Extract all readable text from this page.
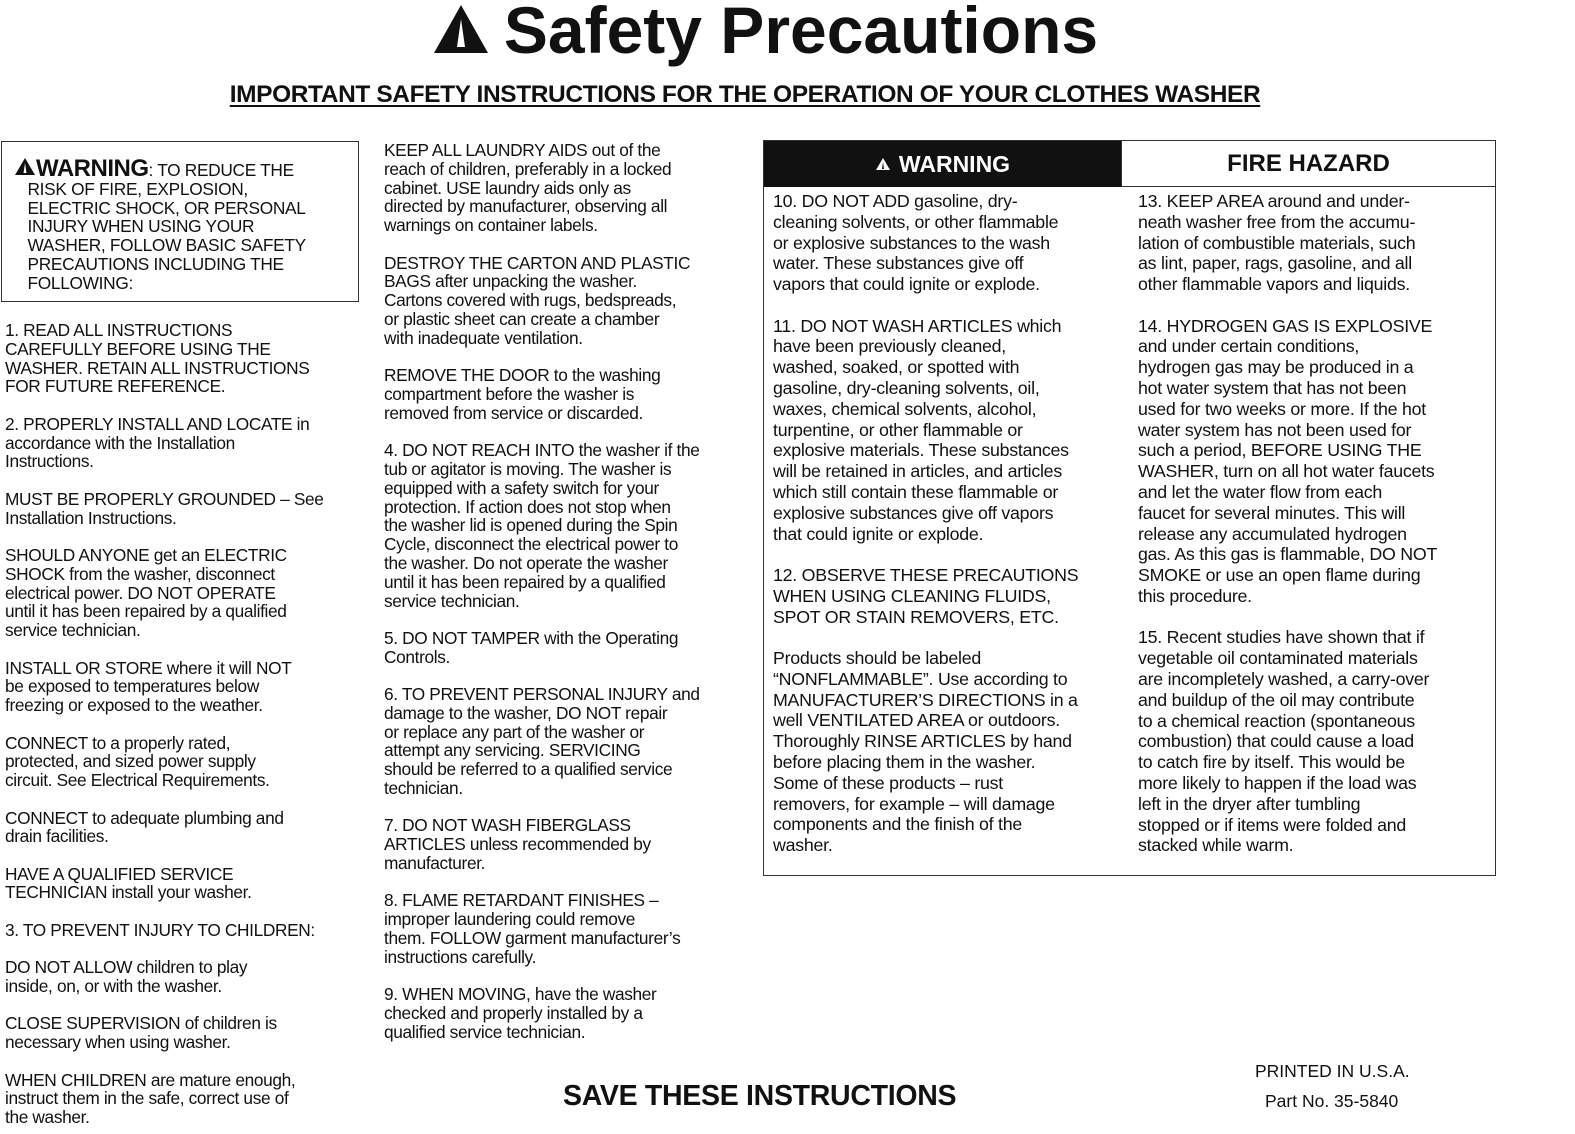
Safety Precautions
IMPORTANT SAFETY INSTRUCTIONS FOR THE OPERATION OF YOUR CLOTHES WASHER
WARNING: TO REDUCE THE
RISK OF FIRE, EXPLOSION,
ELECTRIC SHOCK, OR PERSONAL
INJURY WHEN USING YOUR
WASHER, FOLLOW BASIC SAFETY
PRECAUTIONS INCLUDING THE
FOLLOWING:

1. READ ALL INSTRUCTIONS
CAREFULLY BEFORE USING THE
WASHER. RETAIN ALL INSTRUCTIONS
FOR FUTURE REFERENCE.

2. PROPERLY INSTALL AND LOCATE in
accordance with the Installation
Instructions.

MUST BE PROPERLY GROUNDED – See
Installation Instructions.

SHOULD ANYONE get an ELECTRIC
SHOCK from the washer, disconnect
electrical power. DO NOT OPERATE
until it has been repaired by a qualified
service technician.

INSTALL OR STORE where it will NOT
be exposed to temperatures below
freezing or exposed to the weather.

CONNECT to a properly rated,
protected, and sized power supply
circuit. See Electrical Requirements.

CONNECT to adequate plumbing and
drain facilities.

HAVE A QUALIFIED SERVICE
TECHNICIAN install your washer.

3. TO PREVENT INJURY TO CHILDREN:

DO NOT ALLOW children to play
inside, on, or with the washer.

CLOSE SUPERVISION of children is
necessary when using washer.

WHEN CHILDREN are mature enough,
instruct them in the safe, correct use of
the washer.

KEEP ALL LAUNDRY AIDS out of the
reach of children, preferably in a locked
cabinet. USE laundry aids only as
directed by manufacturer, observing all
warnings on container labels.

DESTROY THE CARTON AND PLASTIC
BAGS after unpacking the washer.
Cartons covered with rugs, bedspreads,
or plastic sheet can create a chamber
with inadequate ventilation.

REMOVE THE DOOR to the washing
compartment before the washer is
removed from service or discarded.

4. DO NOT REACH INTO the washer if the
tub or agitator is moving. The washer is
equipped with a safety switch for your
protection. If action does not stop when
the washer lid is opened during the Spin
Cycle, disconnect the electrical power to
the washer. Do not operate the washer
until it has been repaired by a qualified
service technician.

5. DO NOT TAMPER with the Operating
Controls.

6. TO PREVENT PERSONAL INJURY and
damage to the washer, DO NOT repair
or replace any part of the washer or
attempt any servicing. SERVICING
should be referred to a qualified service
technician.

7. DO NOT WASH FIBERGLASS
ARTICLES unless recommended by
manufacturer.

8. FLAME RETARDANT FINISHES –
improper laundering could remove
them. FOLLOW garment manufacturer’s
instructions carefully.

9. WHEN MOVING, have the washer
checked and properly installed by a
qualified service technician.

WARNING	FIRE HAZARD

10. DO NOT ADD gasoline, dry-
cleaning solvents, or other flammable
or explosive substances to the wash
water. These substances give off
vapors that could ignite or explode.

11. DO NOT WASH ARTICLES which
have been previously cleaned,
washed, soaked, or spotted with
gasoline, dry-cleaning solvents, oil,
waxes, chemical solvents, alcohol,
turpentine, or other flammable or
explosive materials. These substances
will be retained in articles, and articles
which still contain these flammable or
explosive substances give off vapors
that could ignite or explode.

12. OBSERVE THESE PRECAUTIONS
WHEN USING CLEANING FLUIDS,
SPOT OR STAIN REMOVERS, ETC.

Products should be labeled
“NONFLAMMABLE”. Use according to
MANUFACTURER’S DIRECTIONS in a
well VENTILATED AREA or outdoors.
Thoroughly RINSE ARTICLES by hand
before placing them in the washer.
Some of these products – rust
removers, for example – will damage
components and the finish of the
washer.

13. KEEP AREA around and under-
neath washer free from the accumu-
lation of combustible materials, such
as lint, paper, rags, gasoline, and all
other flammable vapors and liquids.

14. HYDROGEN GAS IS EXPLOSIVE
and under certain conditions,
hydrogen gas may be produced in a
hot water system that has not been
used for two weeks or more. If the hot
water system has not been used for
such a period, BEFORE USING THE
WASHER, turn on all hot water faucets
and let the water flow from each
faucet for several minutes. This will
release any accumulated hydrogen
gas. As this gas is flammable, DO NOT
SMOKE or use an open flame during
this procedure.

15. Recent studies have shown that if
vegetable oil contaminated materials
are incompletely washed, a carry-over
and buildup of the oil may contribute
to a chemical reaction (spontaneous
combustion) that could cause a load
to catch fire by itself. This would be
more likely to happen if the load was
left in the dryer after tumbling
stopped or if items were folded and
stacked while warm.

SAVE THESE INSTRUCTIONS
PRINTED IN U.S.A.
Part No. 35-5840
